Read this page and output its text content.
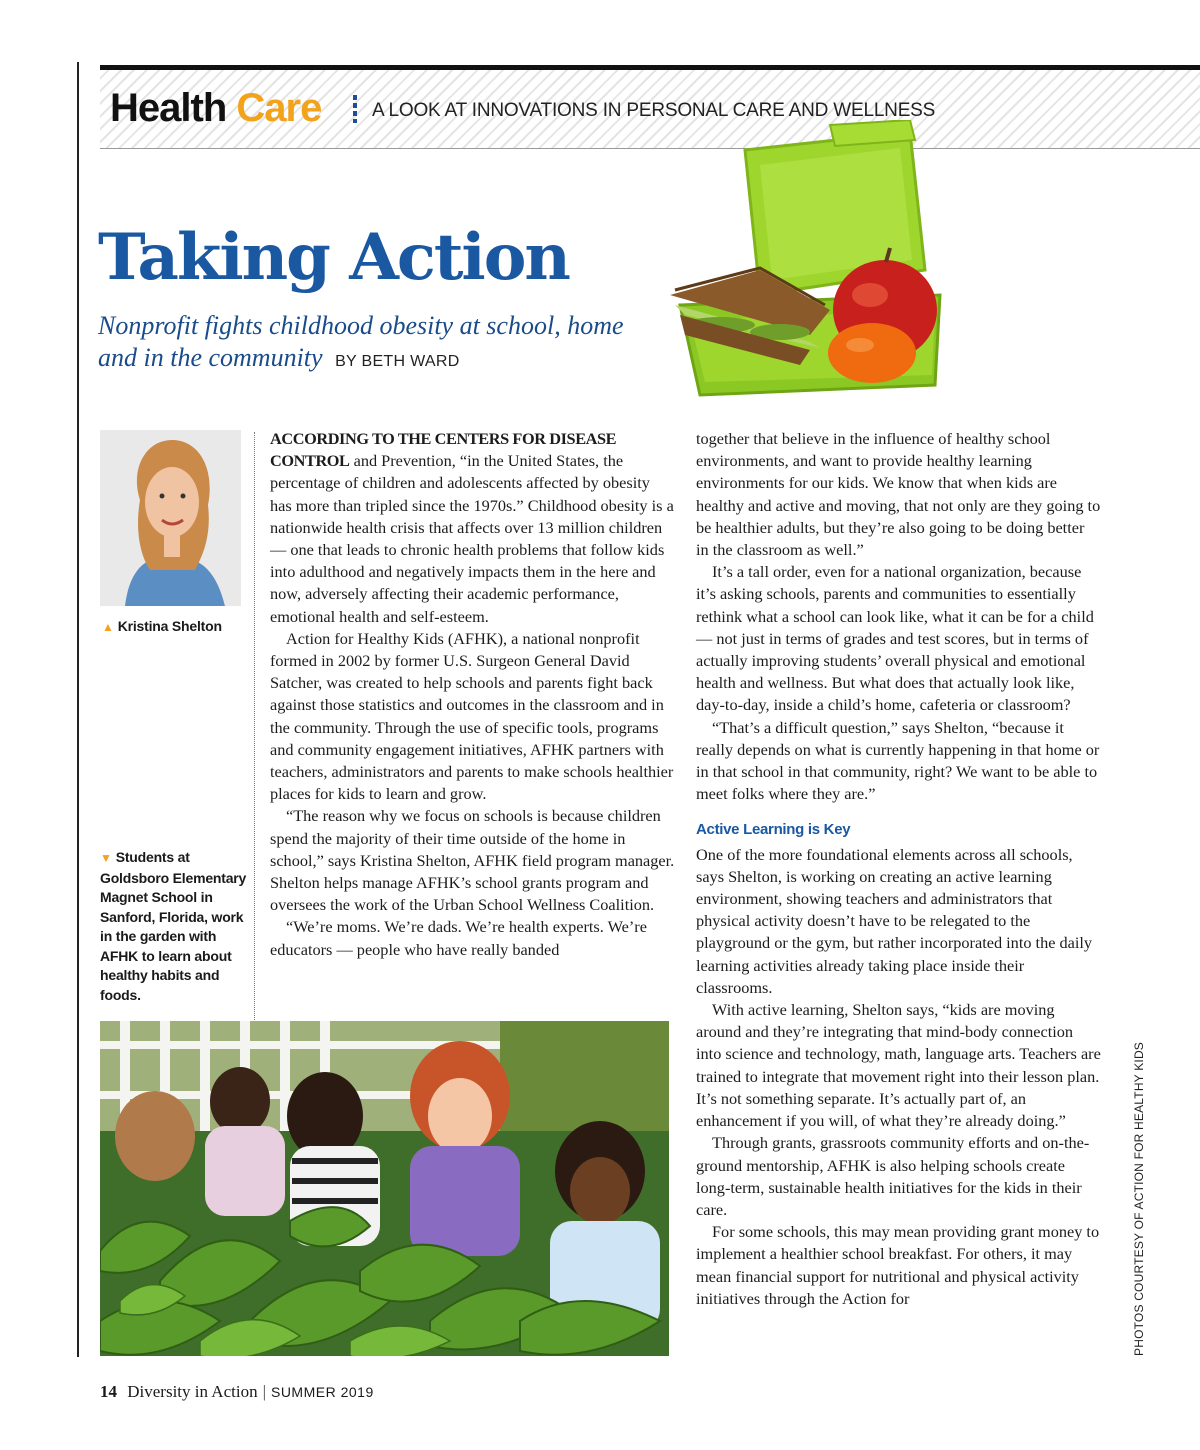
Health Care	A LOOK AT INNOVATIONS IN PERSONAL CARE AND WELLNESS
Taking Action
Nonprofit fights childhood obesity at school, home and in the community BY BETH WARD
▲ Kristina Shelton
▼ Students at Goldsboro Elementary Magnet School in Sanford, Florida, work in the garden with AFHK to learn about healthy habits and foods.

ACCORDING TO THE CENTERS FOR DISEASE CONTROL and Prevention, “in the United States, the percentage of children and adolescents affected by obesity has more than tripled since the 1970s.” Childhood obesity is a nationwide health crisis that affects over 13 million children — one that leads to chronic health problems that follow kids into adulthood and negatively impacts them in the here and now, adversely affecting their academic performance, emotional health and self-esteem.

Action for Healthy Kids (AFHK), a national nonprofit formed in 2002 by former U.S. Surgeon General David Satcher, was created to help schools and parents fight back against those statistics and outcomes in the classroom and in the community. Through the use of specific tools, programs and community engagement initiatives, AFHK partners with teachers, administrators and parents to make schools healthier places for kids to learn and grow.

“The reason why we focus on schools is because children spend the majority of their time outside of the home in school,” says Kristina Shelton, AFHK field program manager. Shelton helps manage AFHK’s school grants program and oversees the work of the Urban School Wellness Coalition.

“We’re moms. We’re dads. We’re health experts. We’re educators — people who have really banded

together that believe in the influence of healthy school environments, and want to provide healthy learning environments for our kids. We know that when kids are healthy and active and moving, that not only are they going to be healthier adults, but they’re also going to be doing better in the classroom as well.”

It’s a tall order, even for a national organization, because it’s asking schools, parents and communities to essentially rethink what a school can look like, what it can be for a child — not just in terms of grades and test scores, but in terms of actually improving students’ overall physical and emotional health and wellness. But what does that actually look like, day-to-day, inside a child’s home, cafeteria or classroom?

“That’s a difficult question,” says Shelton, “because it really depends on what is currently happening in that home or in that school in that community, right? We want to be able to meet folks where they are.”

Active Learning is Key

One of the more foundational elements across all schools, says Shelton, is working on creating an active learning environment, showing teachers and administrators that physical activity doesn’t have to be relegated to the playground or the gym, but rather incorporated into the daily learning activities already taking place inside their classrooms.

With active learning, Shelton says, “kids are moving around and they’re integrating that mind-body connection into science and technology, math, language arts. Teachers are trained to integrate that movement right into their lesson plan. It’s not something separate. It’s actually part of, an enhancement if you will, of what they’re already doing.”

Through grants, grassroots community efforts and on-the-ground mentorship, AFHK is also helping schools create long-term, sustainable health initiatives for the kids in their care.

For some schools, this may mean providing grant money to implement a healthier school breakfast. For others, it may mean financial support for nutritional and physical activity initiatives through the Action for	PHOTOS COURTESY OF ACTION FOR HEALTHY KIDS
14 Diversity in Action | SUMMER 2019
